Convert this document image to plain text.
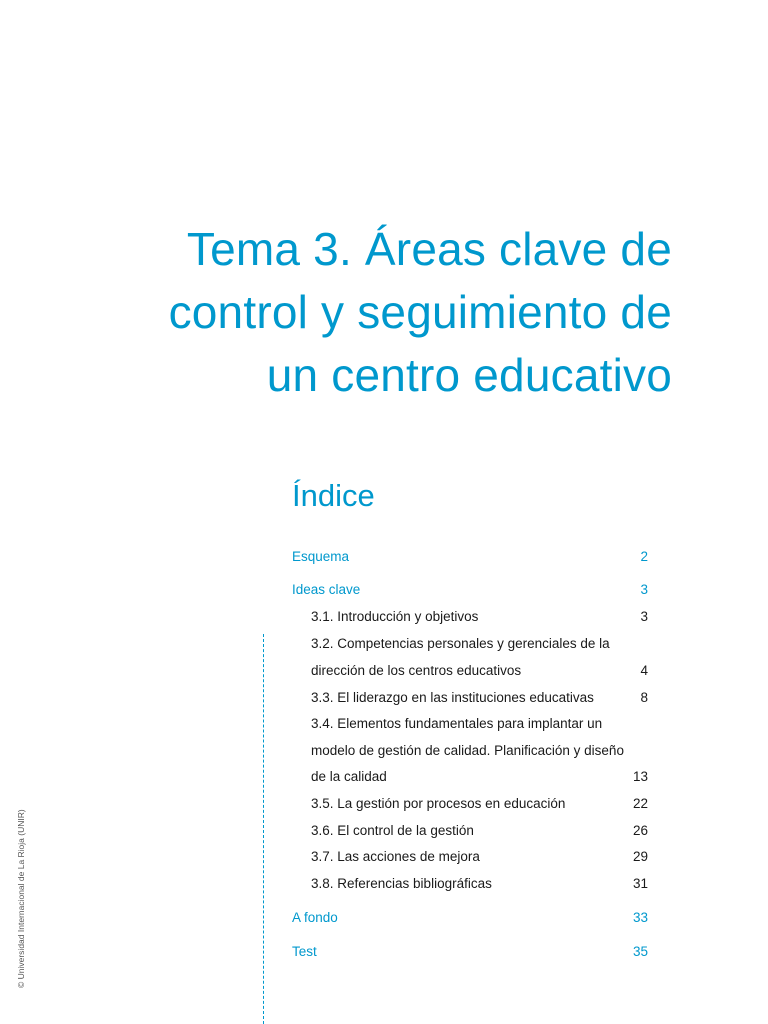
Tema 3. Áreas clave de
control y seguimiento de
un centro educativo
Índice
Esquema	2
Ideas clave	3
3.1. Introducción y objetivos	3
3.2. Competencias personales y gerenciales de la
dirección de los centros educativos	4
3.3. El liderazgo en las instituciones educativas	8
3.4. Elementos fundamentales para implantar un
modelo de gestión de calidad. Planificación y diseño
de la calidad	13
3.5. La gestión por procesos en educación	22
3.6. El control de la gestión	26
3.7. Las acciones de mejora	29
3.8. Referencias bibliográficas	31
A fondo	33
Test	35
© Universidad Internacional de La Rioja (UNIR)
